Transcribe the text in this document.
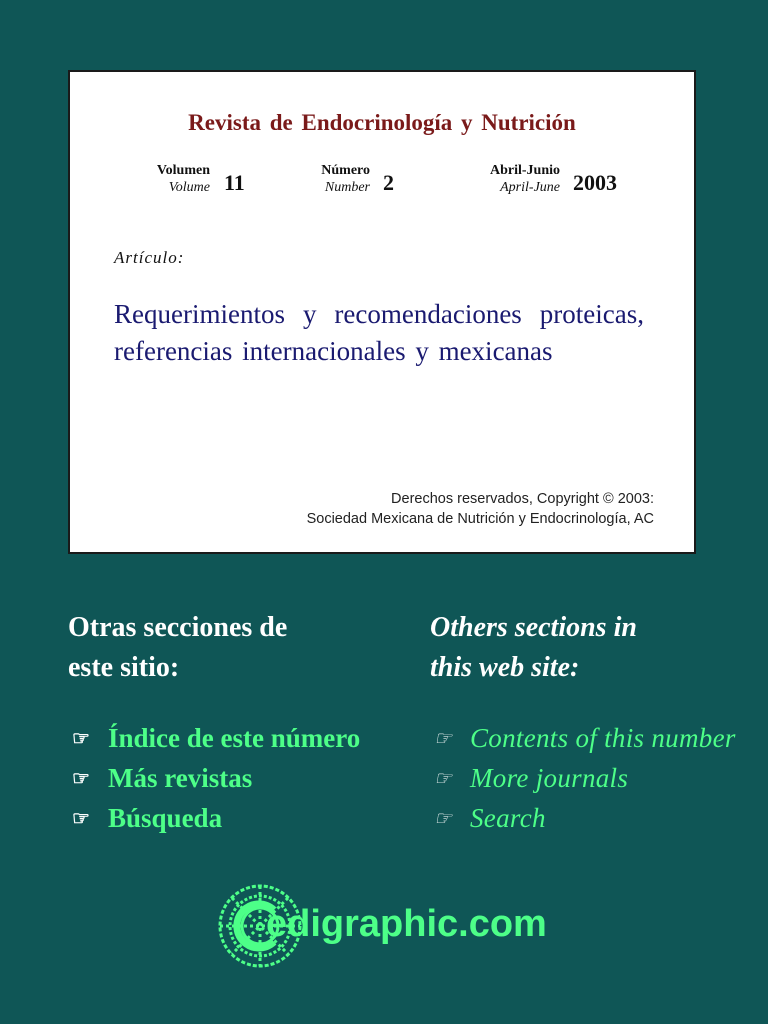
Revista de Endocrinología y Nutrición
Volumen
Volume 11	Número
Number 2	Abril-Junio
April-June 2003
Artículo:
Requerimientos y recomendaciones proteicas, referencias internacionales y mexicanas
Derechos reservados, Copyright © 2003:
Sociedad Mexicana de Nutrición y Endocrinología, AC
Otras secciones de
este sitio:
Others sections in
this web site:
☞ Índice de este número
☞ Más revistas
☞ Búsqueda
☞ Contents of this number
☞ More journals
☞ Search
edigraphic.com
